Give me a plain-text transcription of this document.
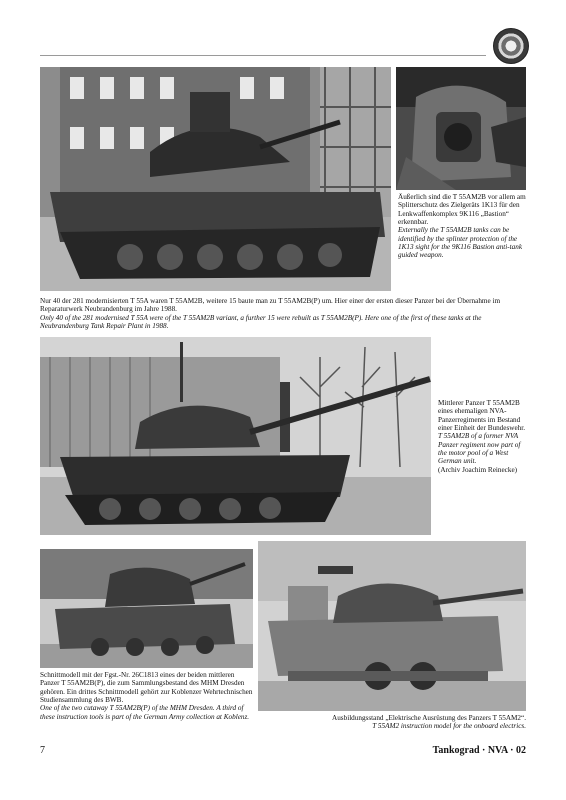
Äußerlich sind die T 55AM2B vor allem am Splitterschutz des Zielgeräts 1K13 für den Lenkwaffenkomplex 9K116 „Bastion“ erkennbar.

Externally the T 55AM2B tanks can be identified by the splinter protection of the 1K13 sight for the 9K116 Bastion anti-tank guided weapon.

Nur 40 der 281 modernisierten T 55A waren T 55AM2B, weitere 15 baute man zu T 55AM2B(P) um. Hier einer der ersten dieser Panzer bei der Übernahme im Reparaturwerk Neubrandenburg im Jahre 1988.

Only 40 of the 281 modernised T 55A were of the T 55AM2B variant, a further 15 were rebuilt as T 55AM2B(P). Here one of the first of these tanks at the Neubrandenburg Tank Repair Plant in 1988.

Mittlerer Panzer T 55AM2B eines ehemaligen NVA-Panzerregiments im Bestand einer Einheit der Bundeswehr.

T 55AM2B of a former NVA Panzer regiment now part of the motor pool of a West German unit.

(Archiv Joachim Reinecke)

Schnittmodell mit der Fgst.-Nr. 26C1813 eines der beiden mittleren Panzer T 55AM2B(P), die zum Sammlungsbestand des MHM Dresden gehören. Ein drittes Schnittmodell gehört zur Koblenzer Wehrtechnischen Studiensammlung des BWB.

One of the two cutaway T 55AM2B(P) of the MHM Dresden. A third of these instruction tools is part of the German Army collection at Koblenz.	Ausbildungsstand „Elektrische Ausrüstung des Panzers T 55AM2“.

T 55AM2 instruction model for the onboard electrics.

7	Tankograd · NVA · 02
